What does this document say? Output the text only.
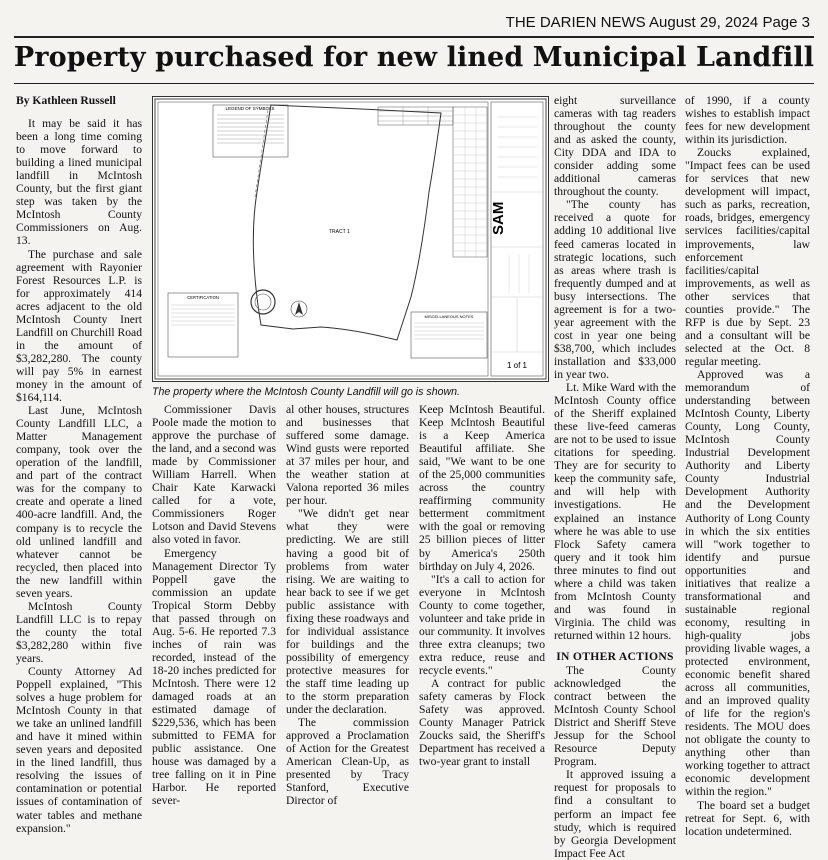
THE DARIEN NEWS August 29, 2024 Page 3
Property purchased for new lined Municipal Landfill

By Kathleen Russell

It may be said it has been a long time coming to move forward to building a lined municipal landfill in McIntosh County, but the first giant step was taken by the McIntosh County Commissioners on Aug. 13.

The purchase and sale agreement with Rayonier Forest Resources L.P. is for approximately 414 acres adjacent to the old McIntosh County Inert Landfill on Churchill Road in the amount of $3,282,280. The county will pay 5% in earnest money in the amount of $164,114.

Last June, McIntosh County Landfill LLC, a Matter Management company, took over the operation of the landfill, and part of the contract was for the company to create and operate a lined 400-acre landfill. And, the company is to recycle the old unlined landfill and whatever cannot be recycled, then placed into the new landfill within seven years.

McIntosh County Landfill LLC is to repay the county the total $3,282,280 within five years.

County Attorney Ad Poppell explained, "This solves a huge problem for McIntosh County in that we take an unlined landfill and have it mined within seven years and deposited in the lined landfill, thus resolving the issues of contamination or potential issues of contamination of water tables and methane expansion."

LEGEND OF SYMBOLS
TRACT 1
CERTIFICATION
MISCELLANEOUS NOTES
SAM
1 of 1
The property where the McIntosh County Landfill will go is shown.

Commissioner Davis Poole made the motion to approve the purchase of the land, and a second was made by Commissioner William Harrell. When Chair Kate Karwacki called for a vote, Commissioners Roger Lotson and David Stevens also voted in favor.

Emergency Management Director Ty Poppell gave the commission an update Tropical Storm Debby that passed through on Aug. 5-6. He reported 7.3 inches of rain was recorded, instead of the 18-20 inches predicted for McIntosh. There were 12 damaged roads at an estimated damage of $229,536, which has been submitted to FEMA for public assistance. One house was damaged by a tree falling on it in Pine Harbor. He reported sever-

al other houses, structures and businesses that suffered some damage. Wind gusts were reported at 37 miles per hour, and the weather station at Valona reported 36 miles per hour.

"We didn't get near what they were predicting. We are still having a good bit of problems from water rising. We are waiting to hear back to see if we get public assistance with fixing these roadways and for individual assistance for buildings and the possibility of emergency protective measures for the staff time leading up to the storm preparation under the declaration.

The commission approved a Proclamation of Action for the Greatest American Clean-Up, as presented by Tracy Stanford, Executive Director of

Keep McIntosh Beautiful. Keep McIntosh Beautiful is a Keep America Beautiful affiliate. She said, "We want to be one of the 25,000 communities across the country reaffirming community betterment commitment with the goal or removing 25 billion pieces of litter by America's 250th birthday on July 4, 2026.

"It's a call to action for everyone in McIntosh County to come together, volunteer and take pride in our community. It involves three extra cleanups; two extra reduce, reuse and recycle events."

A contract for public safety cameras by Flock Safety was approved. County Manager Patrick Zoucks said, the Sheriff's Department has received a two-year grant to install

eight surveillance cameras with tag readers throughout the county and as asked the county, City DDA and IDA to consider adding some additional cameras throughout the county.

"The county has received a quote for adding 10 additional live feed cameras located in strategic locations, such as areas where trash is frequently dumped and at busy intersections. The agreement is for a two-year agreement with the cost in year one being $38,700, which includes installation and $33,000 in year two.

Lt. Mike Ward with the McIntosh County office of the Sheriff explained these live-feed cameras are not to be used to issue citations for speeding. They are for security to keep the community safe, and will help with investigations. He explained an instance where he was able to use Flock Safety camera query and it took him three minutes to find out where a child was taken from McIntosh County and was found in Virginia. The child was returned within 12 hours.

IN OTHER ACTIONS

The County acknowledged the contract between the McIntosh County School District and Sheriff Steve Jessup for the School Resource Deputy Program.

It approved issuing a request for proposals to find a consultant to perform an impact fee study, which is required by Georgia Development Impact Fee Act

of 1990, if a county wishes to establish impact fees for new development within its jurisdiction.

Zoucks explained, "Impact fees can be used for services that new development will impact, such as parks, recreation, roads, bridges, emergency services facilities/capital improvements, law enforcement facilities/capital improvements, as well as other services that counties provide." The RFP is due by Sept. 23 and a consultant will be selected at the Oct. 8 regular meeting.

Approved was a memorandum of understanding between McIntosh County, Liberty County, Long County, McIntosh County Industrial Development Authority and Liberty County Industrial Development Authority and the Development Authority of Long County in which the six entities will "work together to identify and pursue opportunities and initiatives that realize a transformational and sustainable regional economy, resulting in high-quality jobs providing livable wages, a protected environment, economic benefit shared across all communities, and an improved quality of life for the region's residents. The MOU does not obligate the county to anything other than working together to attract economic development within the region."

The board set a budget retreat for Sept. 6, with location undetermined.
